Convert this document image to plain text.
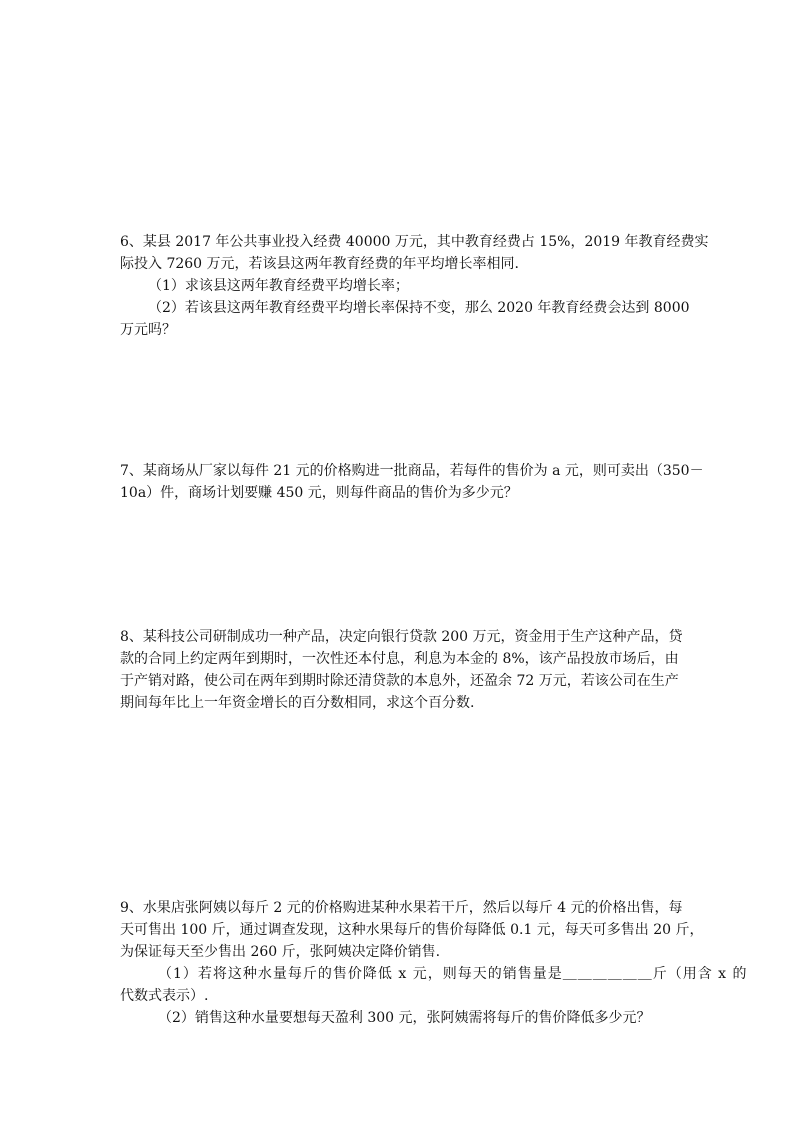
6、某县 2017 年公共事业投入经费 40000 万元，其中教育经费占 15%，2019 年教育经费实
际投入 7260 万元，若该县这两年教育经费的年平均增长率相同.
（1）求该县这两年教育经费平均增长率；
（2）若该县这两年教育经费平均增长率保持不变，那么 2020 年教育经费会达到 8000
万元吗？
7、某商场从厂家以每件 21 元的价格购进一批商品，若每件的售价为 a 元，则可卖出（350－
10a）件，商场计划要赚 450 元，则每件商品的售价为多少元？
8、某科技公司研制成功一种产品，决定向银行贷款 200 万元，资金用于生产这种产品，贷
款的合同上约定两年到期时，一次性还本付息，利息为本金的 8%，该产品投放市场后，由
于产销对路，使公司在两年到期时除还清贷款的本息外，还盈余 72 万元，若该公司在生产
期间每年比上一年资金增长的百分数相同，求这个百分数.
9、水果店张阿姨以每斤 2 元的价格购进某种水果若干斤，然后以每斤 4 元的价格出售，每
天可售出 100 斤，通过调查发现，这种水果每斤的售价每降低 0.1 元，每天可多售出 20 斤，
为保证每天至少售出 260 斤，张阿姨决定降价销售.
（1）若将这种水量每斤的售价降低 x 元，则每天的销售量是＿＿＿＿＿＿斤（用含 x 的
代数式表示）.
（2）销售这种水量要想每天盈利 300 元，张阿姨需将每斤的售价降低多少元？
